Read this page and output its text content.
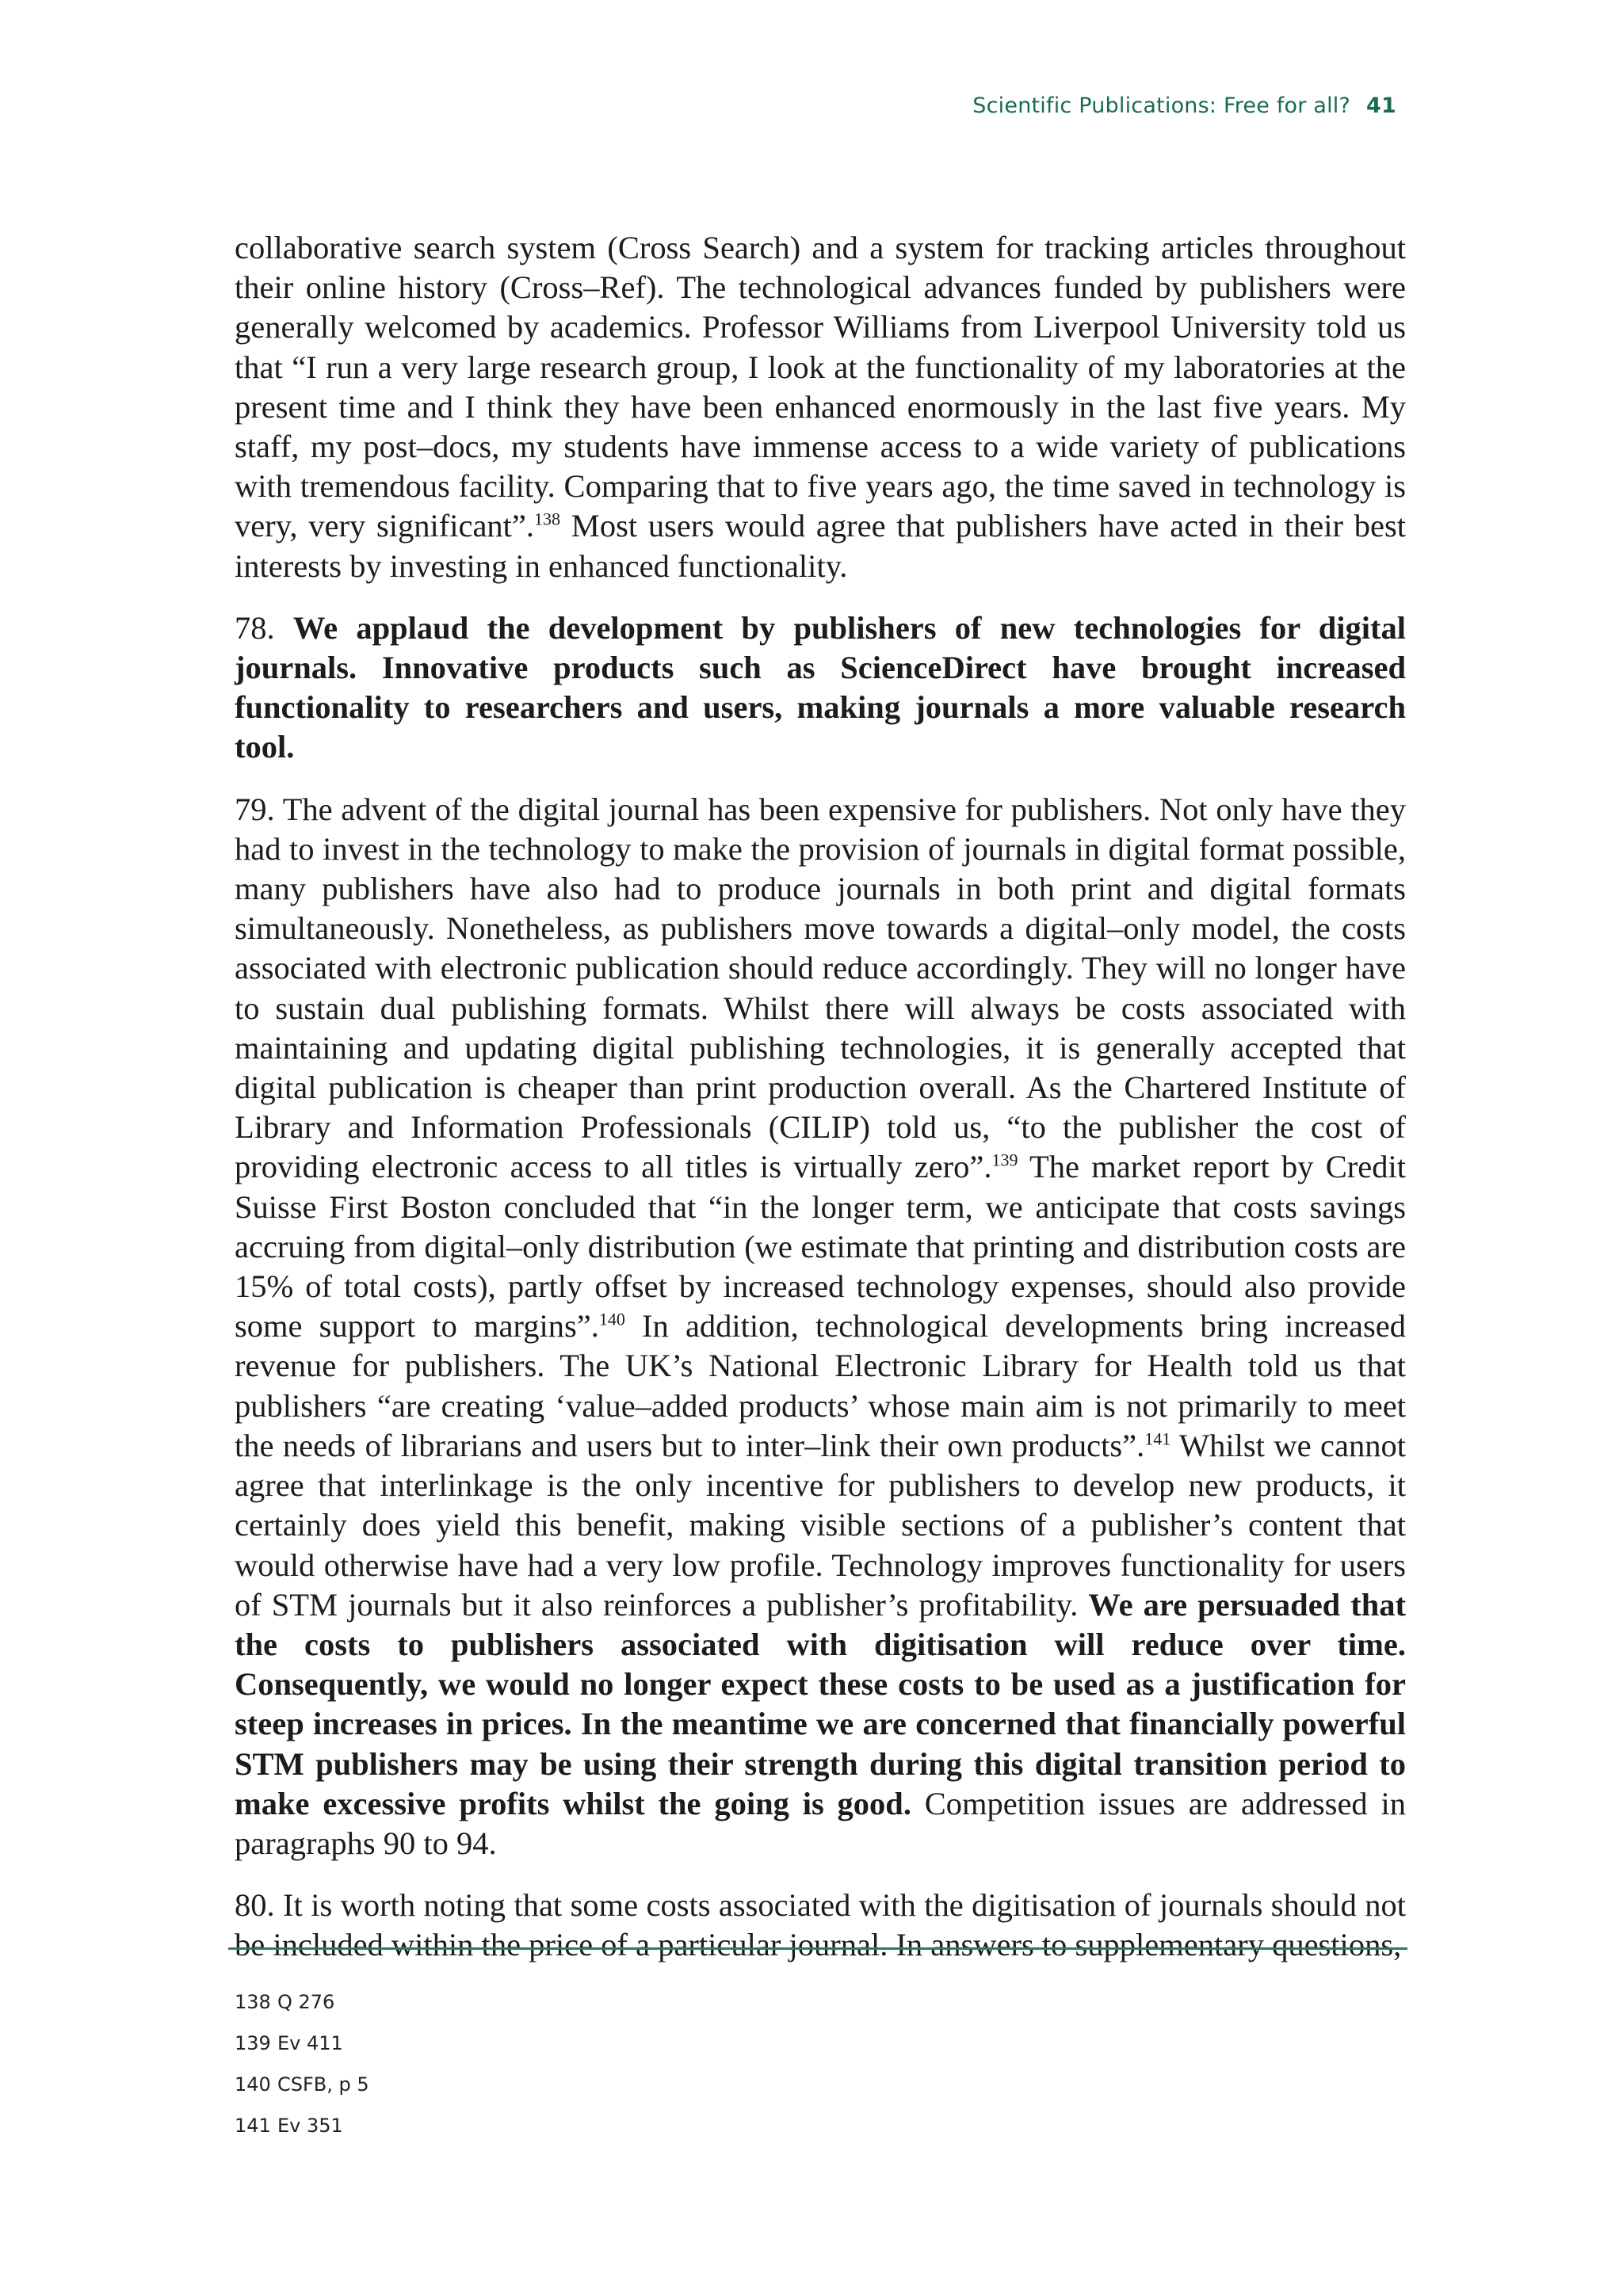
Scientific Publications: Free for all? 41

collaborative search system (Cross Search) and a system for tracking articles throughout their online history (Cross–Ref). The technological advances funded by publishers were generally welcomed by academics. Professor Williams from Liverpool University told us that “I run a very large research group, I look at the functionality of my laboratories at the present time and I think they have been enhanced enormously in the last five years. My staff, my post–docs, my students have immense access to a wide variety of publications with tremendous facility. Comparing that to five years ago, the time saved in technology is very, very significant”.$^{138}$ Most users would agree that publishers have acted in their best interests by investing in enhanced functionality.

78. We applaud the development by publishers of new technologies for digital journals. Innovative products such as ScienceDirect have brought increased functionality to researchers and users, making journals a more valuable research tool.

79. The advent of the digital journal has been expensive for publishers. Not only have they had to invest in the technology to make the provision of journals in digital format possible, many publishers have also had to produce journals in both print and digital formats simultaneously. Nonetheless, as publishers move towards a digital–only model, the costs associated with electronic publication should reduce accordingly. They will no longer have to sustain dual publishing formats. Whilst there will always be costs associated with maintaining and updating digital publishing technologies, it is generally accepted that digital publication is cheaper than print production overall. As the Chartered Institute of Library and Information Professionals (CILIP) told us, “to the publisher the cost of providing electronic access to all titles is virtually zero”.$^{139}$ The market report by Credit Suisse First Boston concluded that “in the longer term, we anticipate that costs savings accruing from digital–only distribution (we estimate that printing and distribution costs are 15% of total costs), partly offset by increased technology expenses, should also provide some support to margins”.$^{140}$ In addition, technological developments bring increased revenue for publishers. The UK’s National Electronic Library for Health told us that publishers “are creating ‘value–added products’ whose main aim is not primarily to meet the needs of librarians and users but to inter–link their own products”.$^{141}$ Whilst we cannot agree that interlinkage is the only incentive for publishers to develop new products, it certainly does yield this benefit, making visible sections of a publisher’s content that would otherwise have had a very low profile. Technology improves functionality for users of STM journals but it also reinforces a publisher’s profitability. We are persuaded that the costs to publishers associated with digitisation will reduce over time. Consequently, we would no longer expect these costs to be used as a justification for steep increases in prices. In the meantime we are concerned that financially powerful STM publishers may be using their strength during this digital transition period to make excessive profits whilst the going is good. Competition issues are addressed in paragraphs 90 to 94.

80. It is worth noting that some costs associated with the digitisation of journals should not be included within the price of a particular journal. In answers to supplementary questions,

138 Q 276
139 Ev 411
140 CSFB, p 5
141 Ev 351
